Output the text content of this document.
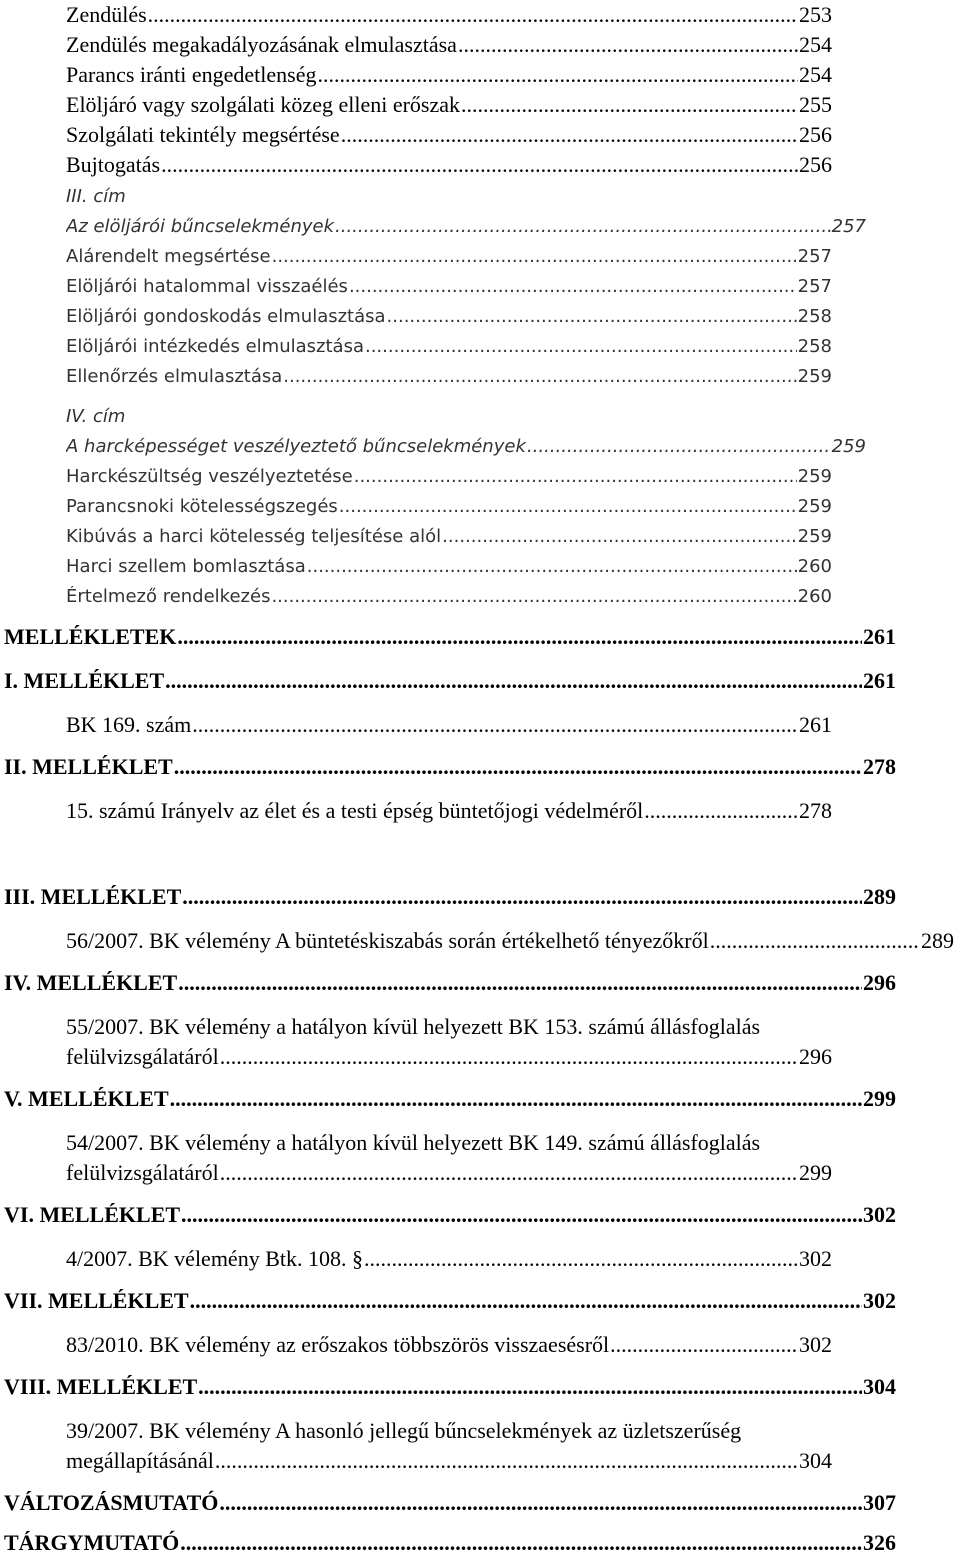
Zendülés .....	253
Zendülés megakadályozásának elmulasztása .....	254
Parancs iránti engedetlenség .....	254
Elöljáró vagy szolgálati közeg elleni erőszak .....	255
Szolgálati tekintély megsértése .....	256
Bujtogatás .....	256
III. cím
Az elöljárói bűncselekmények .....	257
Alárendelt megsértése .....	257
Elöljárói hatalommal visszaélés .....	257
Elöljárói gondoskodás elmulasztása .....	258
Elöljárói intézkedés elmulasztása .....	258
Ellenőrzés elmulasztása .....	259
IV. cím
A harcképességet veszélyeztető bűncselekmények .....	259
Harckészültség veszélyeztetése .....	259
Parancsnoki kötelességszegés .....	259
Kibúvás a harci kötelesség teljesítése alól .....	259
Harci szellem bomlasztása .....	260
Értelmező rendelkezés .....	260
MELLÉKLETEK .....	261
I. MELLÉKLET .....	261
BK 169. szám .....	261
II. MELLÉKLET .....	278
15. számú Irányelv az élet és a testi épség büntetőjogi védelméről .....	278
III. MELLÉKLET .....	289
56/2007. BK vélemény A büntetéskiszabás során értékelhető tényezőkről .....	289
IV. MELLÉKLET .....	296
55/2007. BK vélemény a hatályon kívül helyezett BK 153. számú állásfoglalás
felülvizsgálatáról .....	296
V. MELLÉKLET .....	299
54/2007. BK vélemény a hatályon kívül helyezett BK 149. számú állásfoglalás
felülvizsgálatáról .....	299
VI. MELLÉKLET .....	302
4/2007. BK vélemény Btk. 108. § .....	302
VII. MELLÉKLET .....	302
83/2010. BK vélemény az erőszakos többszörös visszaesésről .....	302
VIII. MELLÉKLET .....	304
39/2007. BK vélemény A hasonló jellegű bűncselekmények az üzletszerűség
megállapításánál .....	304
VÁLTOZÁSMUTATÓ .....	307
TÁRGYMUTATÓ .....	326
